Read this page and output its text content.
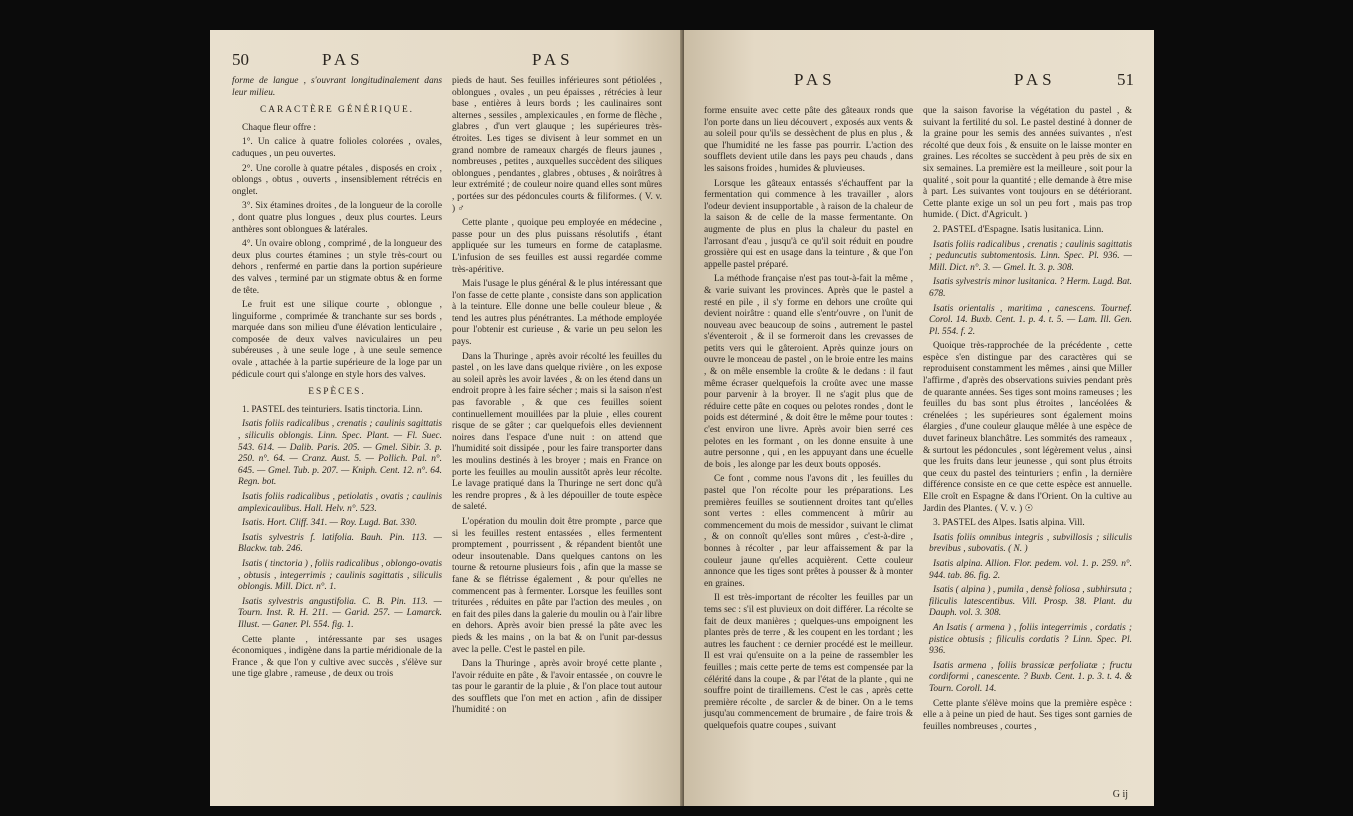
50	PAS	PAS

forme de langue , s'ouvrant longitudinalement dans leur milieu.

CARACTÈRE GÉNÉRIQUE.

Chaque fleur offre :

1°. Un calice à quatre folioles colorées , ovales, caduques , un peu ouvertes.

2°. Une corolle à quatre pétales , disposés en croix , oblongs , obtus , ouverts , insensiblement rétrécis en onglet.

3°. Six étamines droites , de la longueur de la corolle , dont quatre plus longues , deux plus courtes. Leurs anthères sont oblongues & latérales.

4°. Un ovaire oblong , comprimé , de la longueur des deux plus courtes étamines ; un style très-court ou dehors , renfermé en partie dans la portion supérieure des valves , terminé par un stigmate obtus & en forme de tête.

Le fruit est une silique courte , oblongue , linguiforme , comprimée & tranchante sur ses bords , marquée dans son milieu d'une élévation lenticulaire , composée de deux valves naviculaires un peu subéreuses , à une seule loge , à une seule semence ovale , attachée à la partie supérieure de la loge par un pédicule court qui s'alonge en style hors des valves.

ESPÈCES.

1. PASTEL des teinturiers. Isatis tinctoria. Linn.

Isatis foliis radicalibus , crenatis ; caulinis sagittatis , siliculis oblongis. Linn. Spec. Plant. — Fl. Suec. 543. 614. — Dalib. Paris. 205. — Gmel. Sibir. 3. p. 250. n°. 64. — Cranz. Aust. 5. — Pollich. Pal. n°. 645. — Gmel. Tub. p. 207. — Kniph. Cent. 12. n°. 64. Regn. bot.

Isatis foliis radicalibus , petiolatis , ovatis ; caulinis amplexicaulibus. Hall. Helv. n°. 523.

Isatis. Hort. Cliff. 341. — Roy. Lugd. Bat. 330.

Isatis sylvestris f. latifolia. Bauh. Pin. 113. — Blackw. tab. 246.

Isatis ( tinctoria ) , foliis radicalibus , oblongo-ovatis , obtusis , integerrimis ; caulinis sagittatis , siliculis oblongis. Mill. Dict. n°. 1.

Isatis sylvestris angustifolia. C. B. Pin. 113. — Tourn. Inst. R. H. 211. — Garid. 257. — Lamarck. Illust. — Ganer. Pl. 554. fig. 1.

Cette plante , intéressante par ses usages économiques , indigène dans la partie méridionale de la France , & que l'on y cultive avec succès , s'élève sur une tige glabre , rameuse , de deux ou trois

pieds de haut. Ses feuilles inférieures sont pétiolées , oblongues , ovales , un peu épaisses , rétrécies à leur base , entières à leurs bords ; les caulinaires sont alternes , sessiles , amplexicaules , en forme de flèche , glabres , d'un vert glauque ; les supérieures très-étroites. Les tiges se divisent à leur sommet en un grand nombre de rameaux chargés de fleurs jaunes , nombreuses , petites , auxquelles succèdent des siliques oblongues , pendantes , glabres , obtuses , & noirâtres à leur extrémité ; de couleur noire quand elles sont mûres , portées sur des pédoncules courts & filiformes. ( V. v. ) ♂

Cette plante , quoique peu employée en médecine , passe pour un des plus puissans résolutifs , étant appliquée sur les tumeurs en forme de cataplasme. L'infusion de ses feuilles est aussi regardée comme très-apéritive.

Mais l'usage le plus général & le plus intéressant que l'on fasse de cette plante , consiste dans son application à la teinture. Elle donne une belle couleur bleue , & tend les autres plus pénétrantes. La méthode employée pour l'obtenir est curieuse , & varie un peu selon les pays.

Dans la Thuringe , après avoir récolté les feuilles du pastel , on les lave dans quelque rivière , on les expose au soleil après les avoir lavées , & on les étend dans un endroit propre à les faire sécher ; mais si la saison n'est pas favorable , & que ces feuilles soient continuellement mouillées par la pluie , elles courent risque de se gâter ; car quelquefois elles deviennent noires dans l'espace d'une nuit : on attend que l'humidité soit dissipée , pour les faire transporter dans les moulins destinés à les broyer ; mais en France on porte les feuilles au moulin aussitôt après leur récolte. Le lavage pratiqué dans la Thuringe ne sert donc qu'à les rendre propres , & à les dépouiller de toute espèce de saleté.

L'opération du moulin doit être prompte , parce que si les feuilles restent entassées , elles fermentent promptement , pourrissent , & répandent bientôt une odeur insoutenable. Dans quelques cantons on les tourne & retourne plusieurs fois , afin que la masse se fane & se flétrisse également , & pour qu'elles ne commencent pas à fermenter. Lorsque les feuilles sont triturées , réduites en pâte par l'action des meules , on en fait des piles dans la galerie du moulin ou à l'air libre en dehors. Après avoir bien pressé la pâte avec les pieds & les mains , on la bat & on l'unit par-dessus avec la pelle. C'est le pastel en pile.

Dans la Thuringe , après avoir broyé cette plante , l'avoir réduite en pâte , & l'avoir entassée , on couvre le tas pour le garantir de la pluie , & l'on place tout autour des soufflets que l'on met en action , afin de dissiper l'humidité : on

PAS	PAS	51

forme ensuite avec cette pâte des gâteaux ronds que l'on porte dans un lieu découvert , exposés aux vents & au soleil pour qu'ils se dessèchent de plus en plus , & que l'humidité ne les fasse pas pourrir. L'action des soufflets devient utile dans les pays peu chauds , dans les saisons froides , humides & pluvieuses.

Lorsque les gâteaux entassés s'échauffent par la fermentation qui commence à les travailler , alors l'odeur devient insupportable , à raison de la chaleur de la saison & de celle de la masse fermentante. On augmente de plus en plus la chaleur du pastel en l'arrosant d'eau , jusqu'à ce qu'il soit réduit en poudre grossière qui est en usage dans la teinture , & que l'on appelle pastel préparé.

La méthode française n'est pas tout-à-fait la même , & varie suivant les provinces. Après que le pastel a resté en pile , il s'y forme en dehors une croûte qui devient noirâtre : quand elle s'entr'ouvre , on l'unit de nouveau avec beaucoup de soins , autrement le pastel s'éventeroit , & il se formeroit dans les crevasses de petits vers qui le gâteroient. Après quinze jours on ouvre le monceau de pastel , on le broie entre les mains , & on mêle ensemble la croûte & le dedans : il faut même écraser quelquefois la croûte avec une masse pour parvenir à la broyer. Il ne s'agit plus que de réduire cette pâte en coques ou pelotes rondes , dont le poids est déterminé , & doit être le même pour toutes : c'est environ une livre. Après avoir bien serré ces pelotes en les formant , on les donne ensuite à une autre personne , qui , en les appuyant dans une écuelle de bois , les alonge par les deux bouts opposés.

Ce font , comme nous l'avons dit , les feuilles du pastel que l'on récolte pour les préparations. Les premières feuilles se soutiennent droites tant qu'elles sont vertes : elles commencent à mûrir au commencement du mois de messidor , suivant le climat , & on connoît qu'elles sont mûres , c'est-à-dire , bonnes à récolter , par leur affaissement & par la couleur jaune qu'elles acquièrent. Cette couleur annonce que les tiges sont prêtes à pousser & à monter en graines.

Il est très-important de récolter les feuilles par un tems sec : s'il est pluvieux on doit différer. La récolte se fait de deux manières ; quelques-uns empoignent les plantes près de terre , & les coupent en les tordant ; les autres les fauchent : ce dernier procédé est le meilleur. Il est vrai qu'ensuite on a la peine de rassembler les feuilles ; mais cette perte de tems est compensée par la célérité dans la coupe , & par l'état de la plante , qui ne souffre point de tiraillemens. C'est le cas , après cette première récolte , de sarcler & de biner. On a le tems jusqu'au commencement de brumaire , de faire trois & quelquefois quatre coupes , suivant

que la saison favorise la végétation du pastel , & suivant la fertilité du sol. Le pastel destiné à donner de la graine pour les semis des années suivantes , n'est récolté que deux fois , & ensuite on le laisse monter en graines. Les récoltes se succèdent à peu près de six en six semaines. La première est la meilleure , soit pour la qualité , soit pour la quantité ; elle demande à être mise à part. Les suivantes vont toujours en se détériorant. Cette plante exige un sol un peu fort , mais pas trop humide. ( Dict. d'Agricult. )

2. PASTEL d'Espagne. Isatis lusitanica. Linn.

Isatis foliis radicalibus , crenatis ; caulinis sagittatis ; peduncutis subtomentosis. Linn. Spec. Pl. 936. — Mill. Dict. n°. 3. — Gmel. It. 3. p. 308.

Isatis sylvestris minor lusitanica. ? Herm. Lugd. Bat. 678.

Isatis orientalis , maritima , canescens. Tournef. Corol. 14. Buxb. Cent. 1. p. 4. t. 5. — Lam. Ill. Gen. Pl. 554. f. 2.

Quoique très-rapprochée de la précédente , cette espèce s'en distingue par des caractères qui se reproduisent constamment les mêmes , ainsi que Miller l'affirme , d'après des observations suivies pendant près de quarante années. Ses tiges sont moins rameuses ; les feuilles du bas sont plus étroites , lancéolées & crénelées ; les supérieures sont également moins élargies , d'une couleur glauque mêlée à une espèce de duvet farineux blanchâtre. Les sommités des rameaux , & surtout les pédoncules , sont légèrement velus , ainsi que les fruits dans leur jeunesse , qui sont plus étroits que ceux du pastel des teinturiers ; enfin , la dernière différence consiste en ce que cette espèce est annuelle. Elle croît en Espagne & dans l'Orient. On la cultive au Jardin des Plantes. ( V. v. ) ☉

3. PASTEL des Alpes. Isatis alpina. Vill.

Isatis foliis omnibus integris , subvillosis ; siliculis brevibus , subovatis. ( N. )

Isatis alpina. Allion. Flor. pedem. vol. 1. p. 259. n°. 944. tab. 86. fig. 2.

Isatis ( alpina ) , pumila , densè foliosa , subhirsuta ; filiculis latescentibus. Vill. Prosp. 38. Plant. du Dauph. vol. 3. 308.

An Isatis ( armena ) , foliis integerrimis , cordatis ; pistice obtusis ; filiculis cordatis ? Linn. Spec. Pl. 936.

Isatis armena , foliis brassicæ perfoliatæ ; fructu cordiformi , canescente. ? Buxb. Cent. 1. p. 3. t. 4. & Tourn. Coroll. 14.

Cette plante s'élève moins que la première espèce : elle a à peine un pied de haut. Ses tiges sont garnies de feuilles nombreuses , courtes ,

G ij
